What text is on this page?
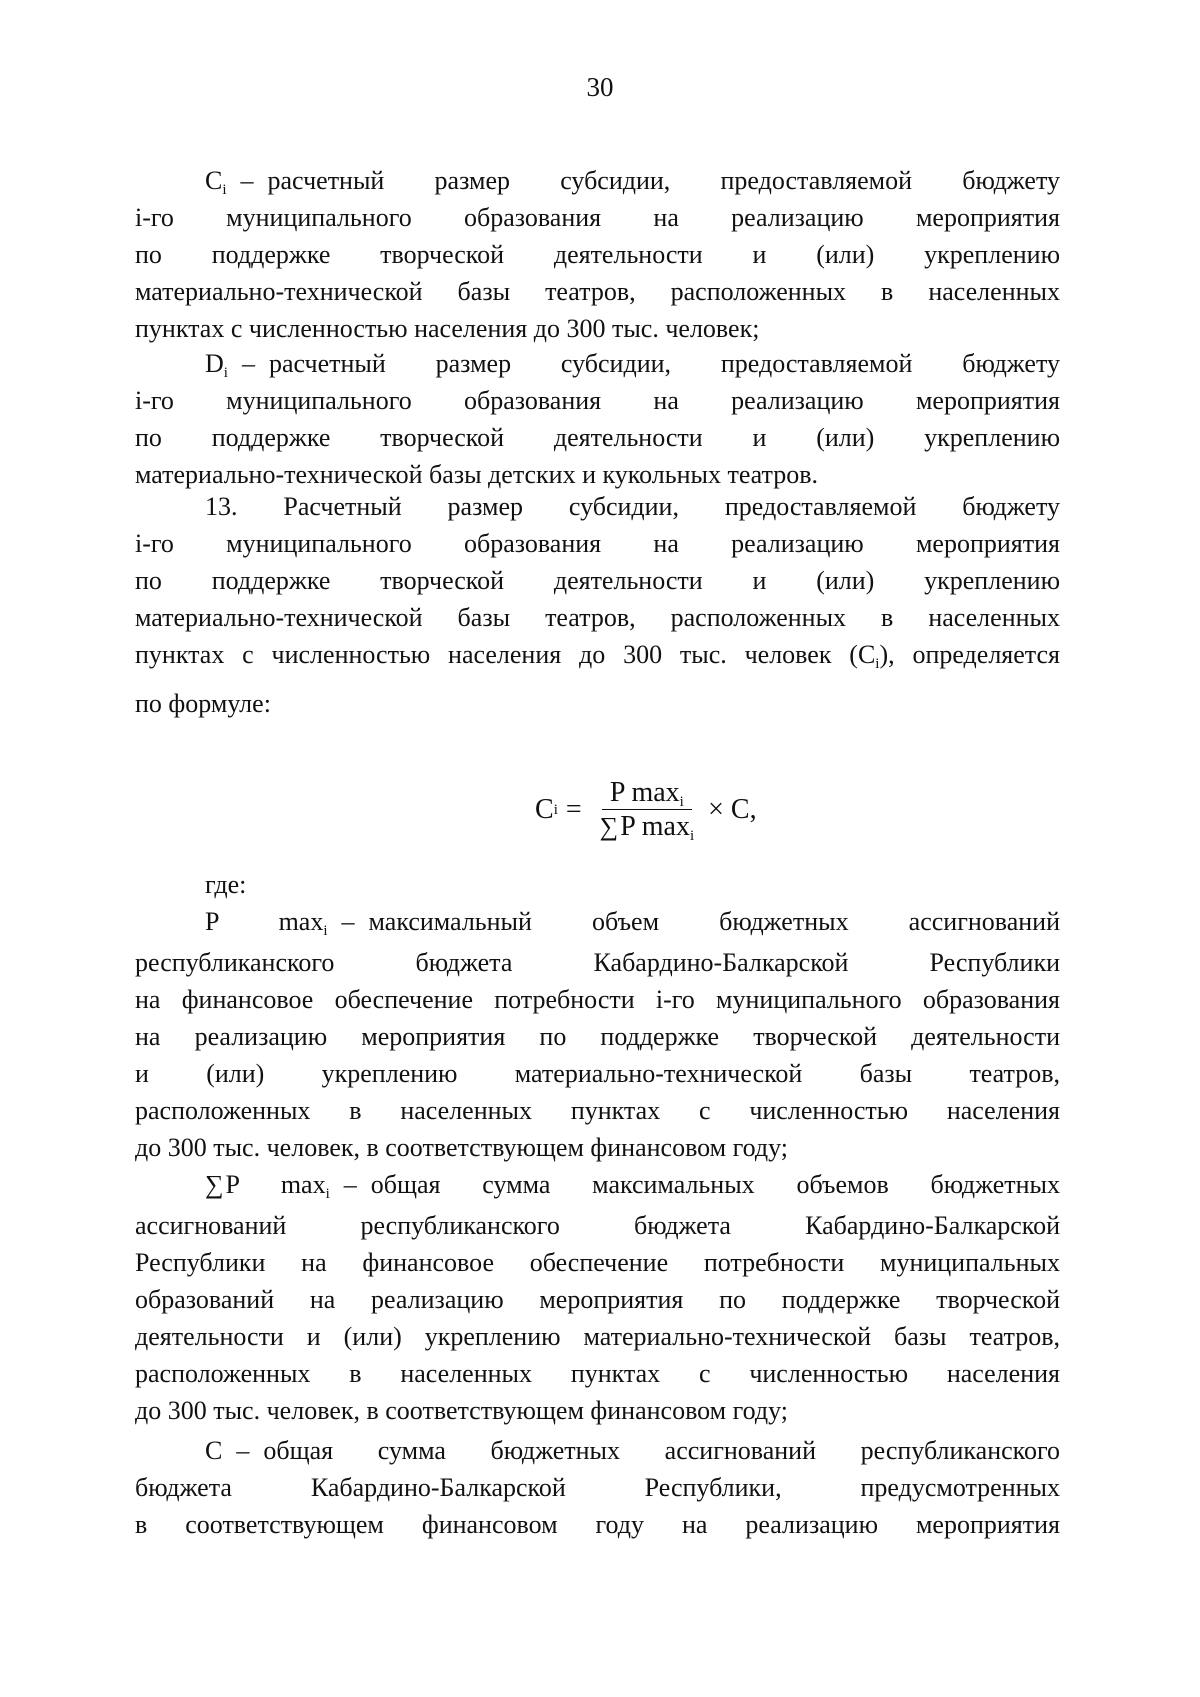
30
$C_i$ – расчетный размер субсидии, предоставляемой бюджету
i-го муниципального образования на реализацию мероприятия
по поддержке творческой деятельности и (или) укреплению
материально-технической базы театров, расположенных в населенных
пунктах с численностью населения до 300 тыс. человек;
$D_i$ – расчетный размер субсидии, предоставляемой бюджету
i-го муниципального образования на реализацию мероприятия
по поддержке творческой деятельности и (или) укреплению
материально-технической базы детских и кукольных театров.
13. Расчетный размер субсидии, предоставляемой бюджету
i-го муниципального образования на реализацию мероприятия
по поддержке творческой деятельности и (или) укреплению
материально-технической базы театров, расположенных в населенных
пунктах с численностью населения до 300 тыс. человек $(C_i)$, определяется
по формуле:
C $i = \frac{P \max_i}{\sum P \max_i} \times C$,
где:
P $\max_i$ – максимальный объем бюджетных ассигнований
республиканского бюджета Кабардино-Балкарской Республики
на финансовое обеспечение потребности i-го муниципального образования
на реализацию мероприятия по поддержке творческой деятельности
и (или) укреплению материально-технической базы театров,
расположенных в населенных пунктах с численностью населения
до 300 тыс. человек, в соответствующем финансовом году;
∑P $\max_i$ – общая сумма максимальных объемов бюджетных
ассигнований республиканского бюджета Кабардино-Балкарской
Республики на финансовое обеспечение потребности муниципальных
образований на реализацию мероприятия по поддержке творческой
деятельности и (или) укреплению материально-технической базы театров,
расположенных в населенных пунктах с численностью населения
до 300 тыс. человек, в соответствующем финансовом году;
C – общая сумма бюджетных ассигнований республиканского
бюджета Кабардино-Балкарской Республики, предусмотренных
в соответствующем финансовом году на реализацию мероприятия
